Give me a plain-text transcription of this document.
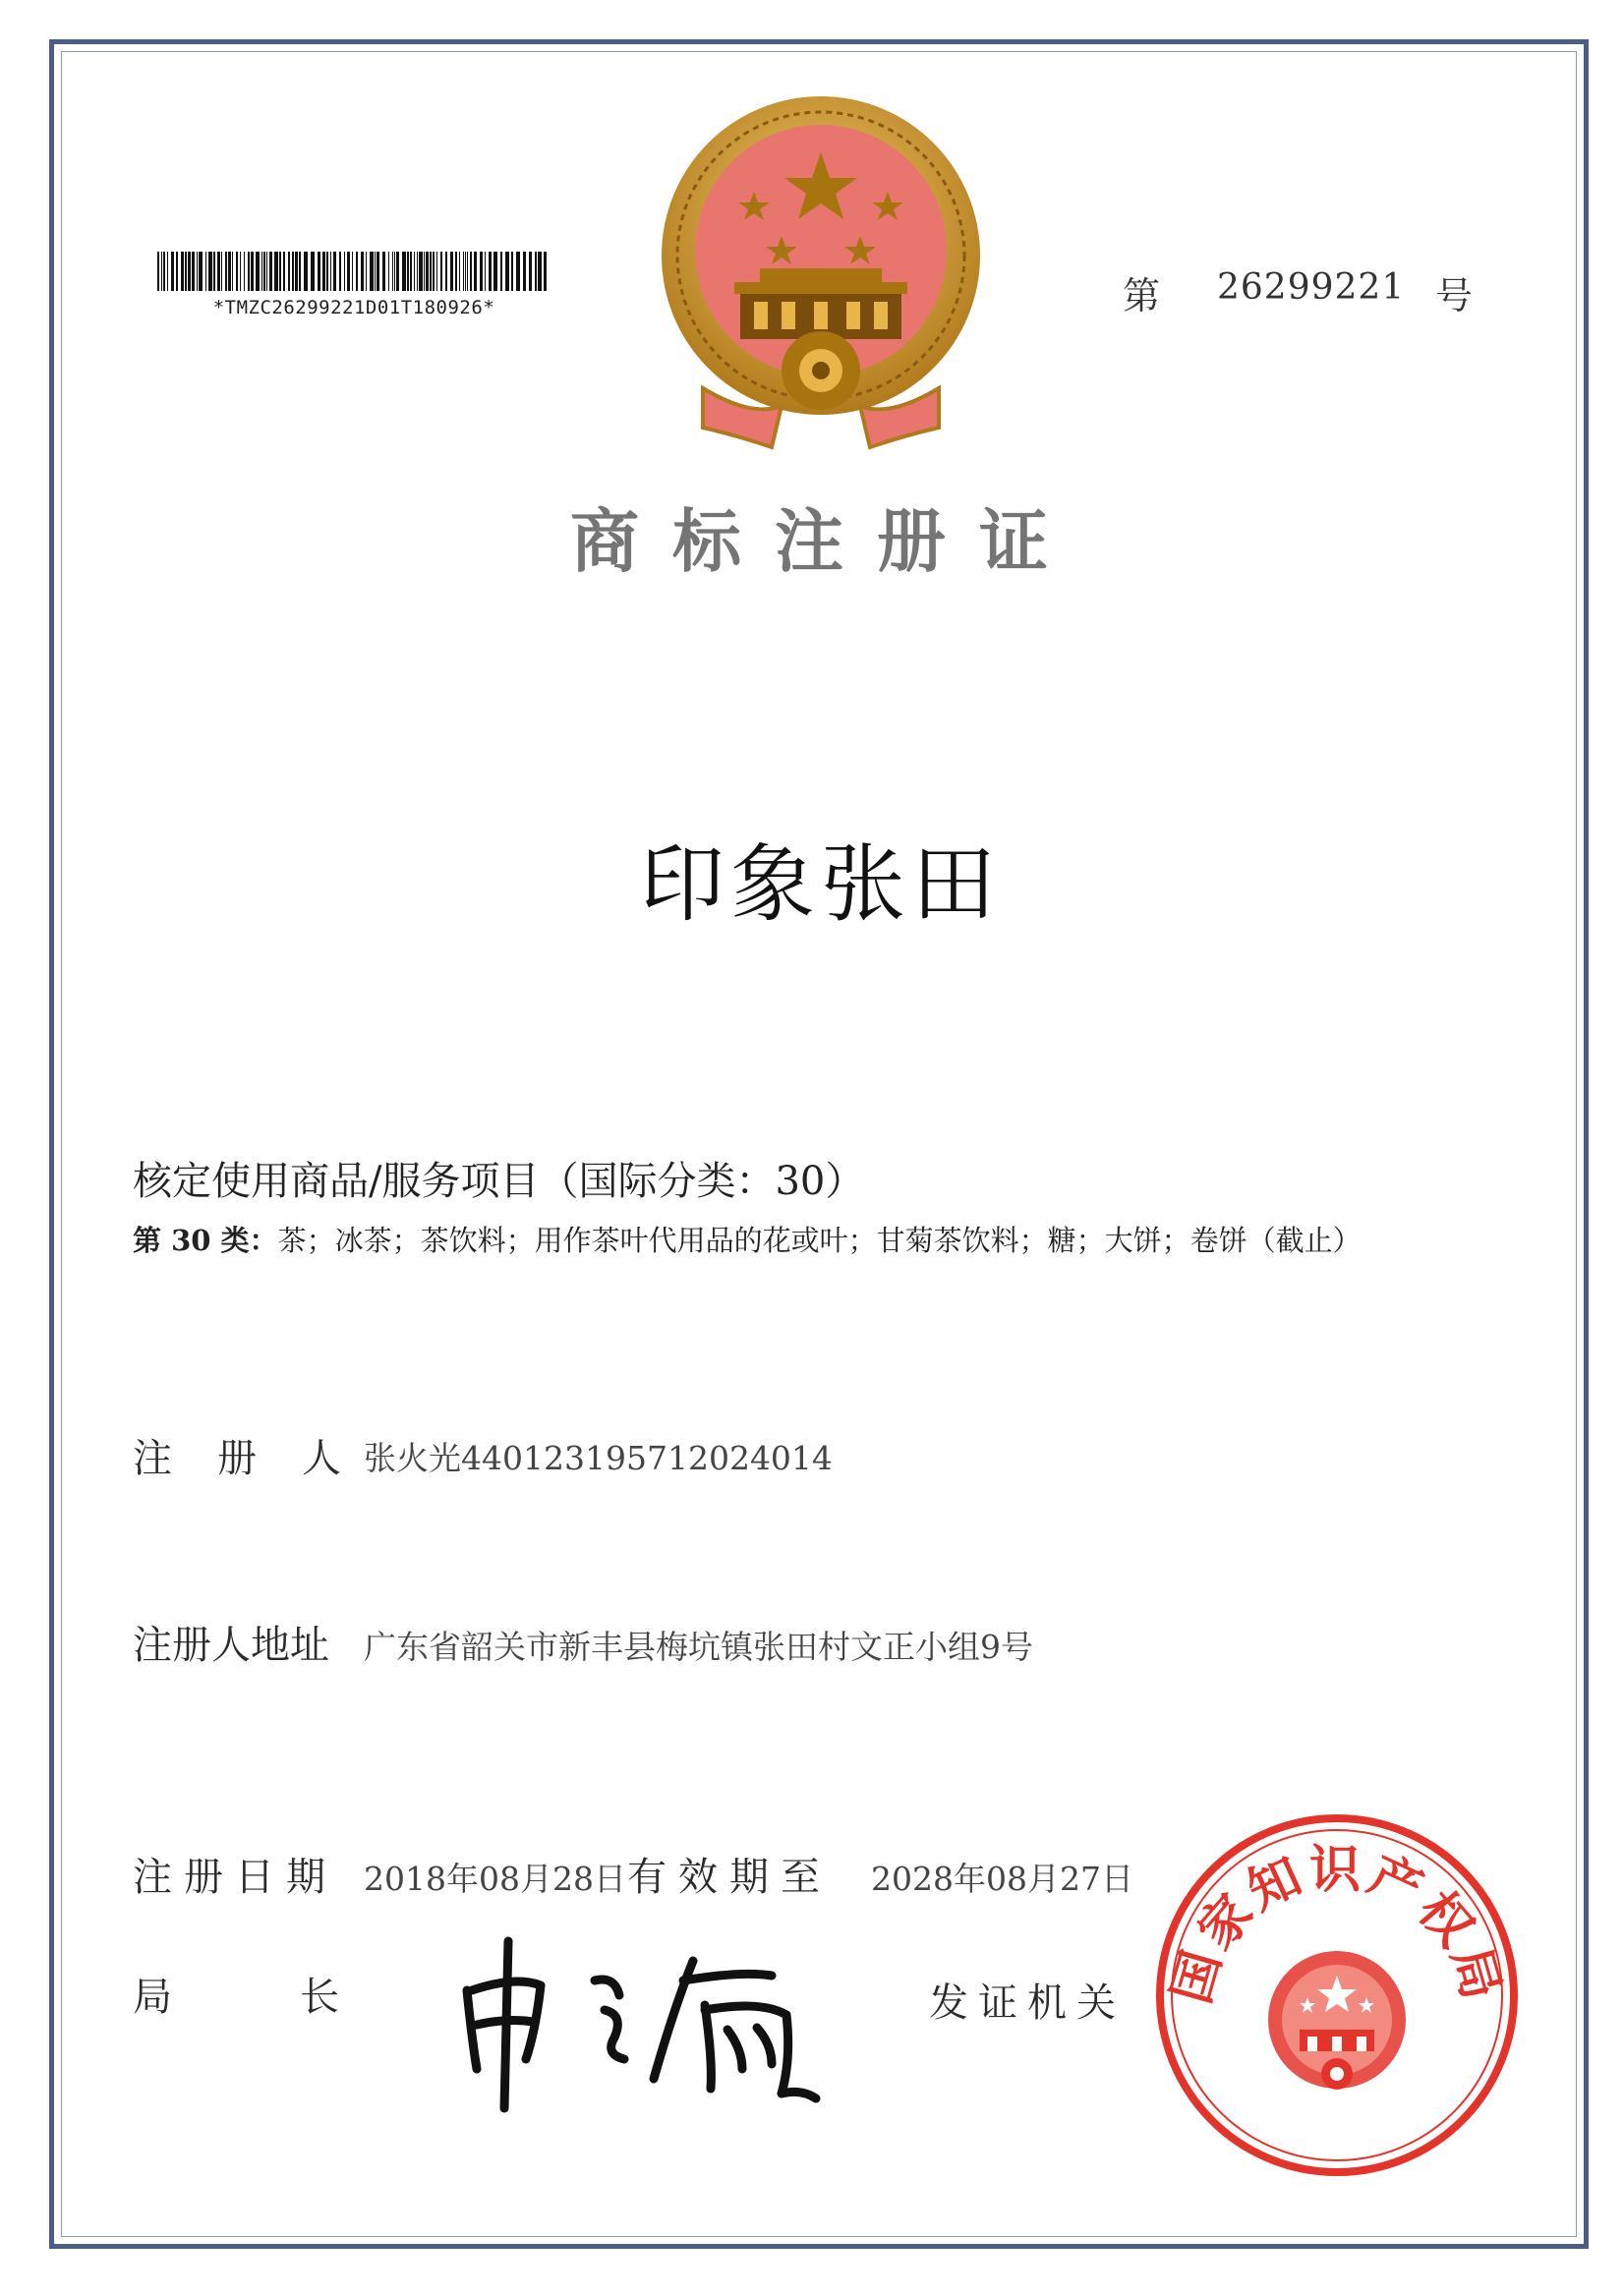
*TMZC26299221D01T180926*	第 26299221 号
商标注册证
印象张田
核定使用商品/服务项目（国际分类：30）
第 30 类：茶；冰茶；茶饮料；用作茶叶代用品的花或叶；甘菊茶饮料；糖；大饼；卷饼（截止）
注册人
张火光440123195712024014
注册人地址 广东省韶关市新丰县梅坑镇张田村文正小组9号
注册日期 2018年08月28日 有效期至 2028年08月27日
局长	发证机关 国家知识产权局
